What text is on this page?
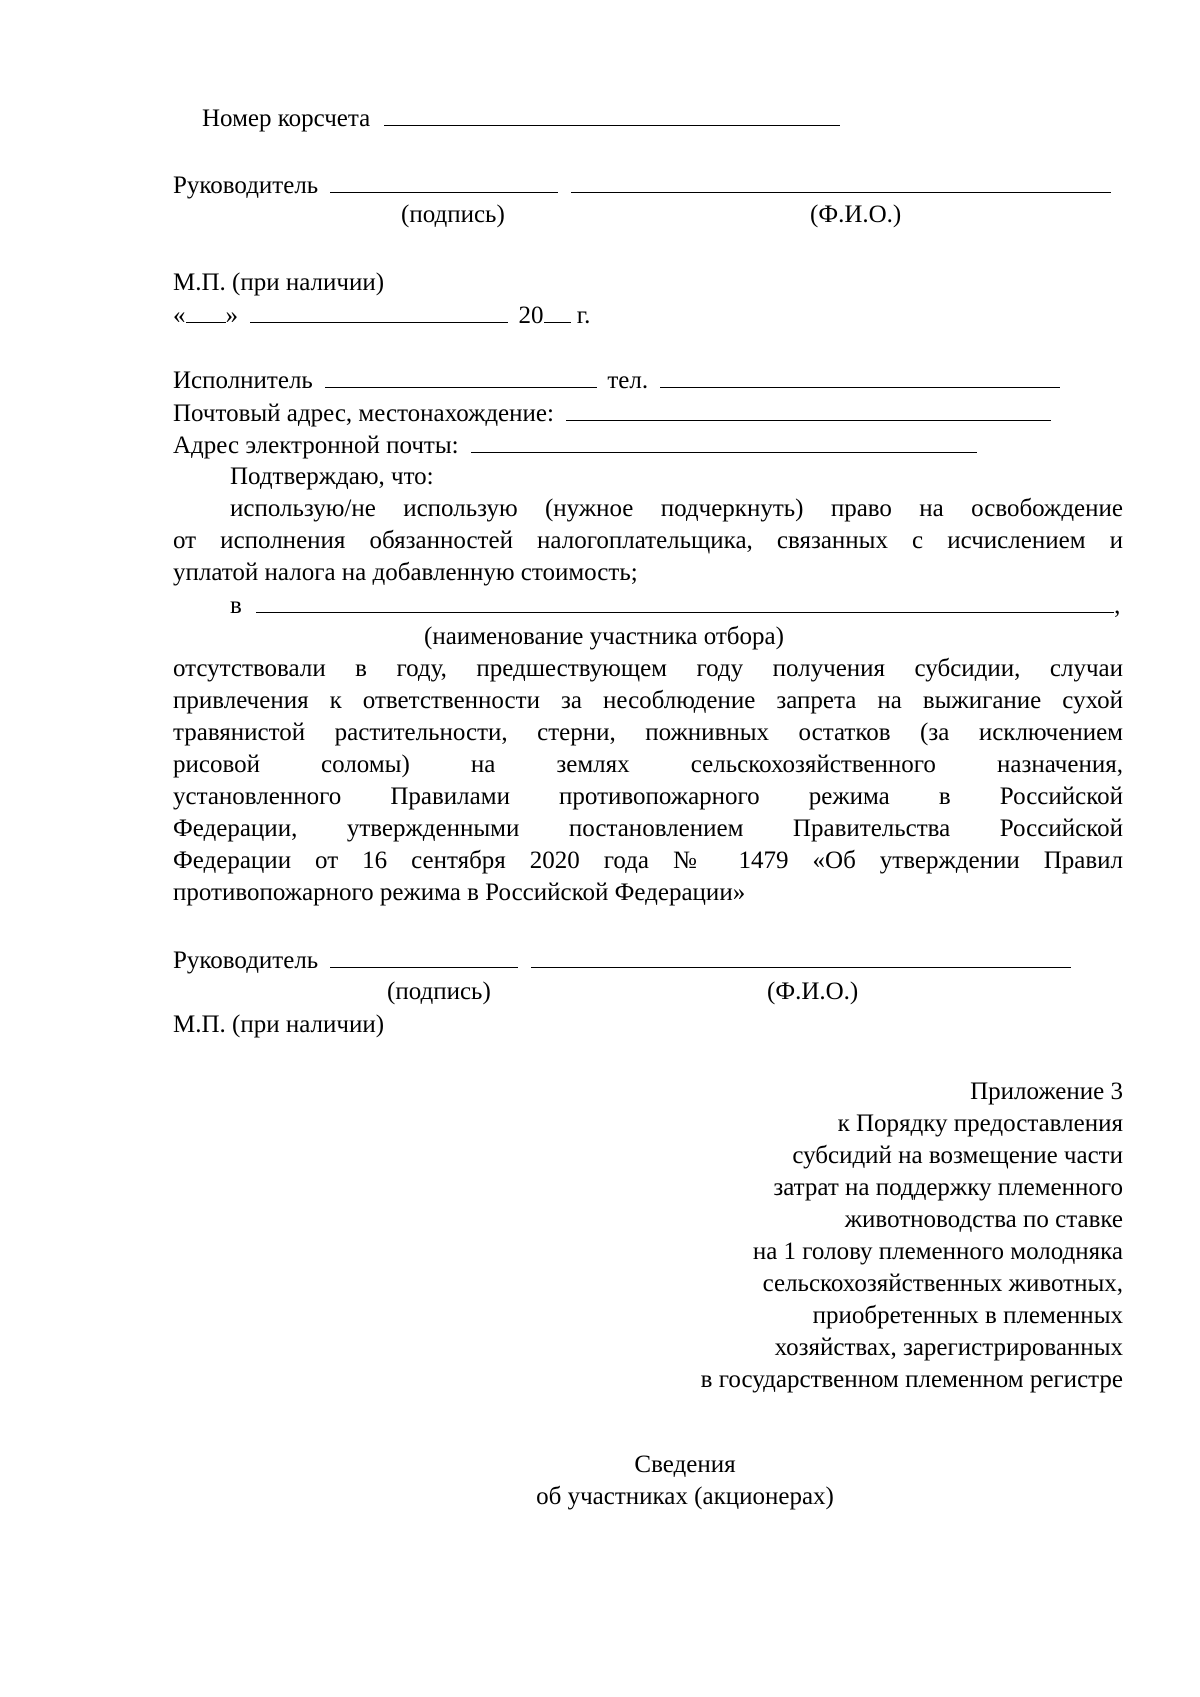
Номер корсчета
Руководитель
(подпись)	(Ф.И.О.)
М.П. (при наличии)
« »	20 г.
Исполнитель	тел.
Почтовый адрес, местонахождение:
Адрес электронной почты:
Подтверждаю, что:
использую/не использую (нужное подчеркнуть) право на освобождение
от исполнения обязанностей налогоплательщика, связанных с исчислением и
уплатой налога на добавленную стоимость;
в	,
(наименование участника отбора)
отсутствовали в году, предшествующем году получения субсидии, случаи
привлечения к ответственности за несоблюдение запрета на выжигание сухой
травянистой растительности, стерни, пожнивных остатков (за исключением
рисовой соломы) на землях сельскохозяйственного назначения,
установленного Правилами противопожарного режима в Российской
Федерации, утвержденными постановлением Правительства Российской
Федерации от 16 сентября 2020 года № 1479 «Об утверждении Правил
противопожарного режима в Российской Федерации»
Руководитель
(подпись)	(Ф.И.О.)
М.П. (при наличии)
Приложение 3
к Порядку предоставления
субсидий на возмещение части
затрат на поддержку племенного
животноводства по ставке
на 1 голову племенного молодняка
сельскохозяйственных животных,
приобретенных в племенных
хозяйствах, зарегистрированных
в государственном племенном регистре
Сведения
об участниках (акционерах)
